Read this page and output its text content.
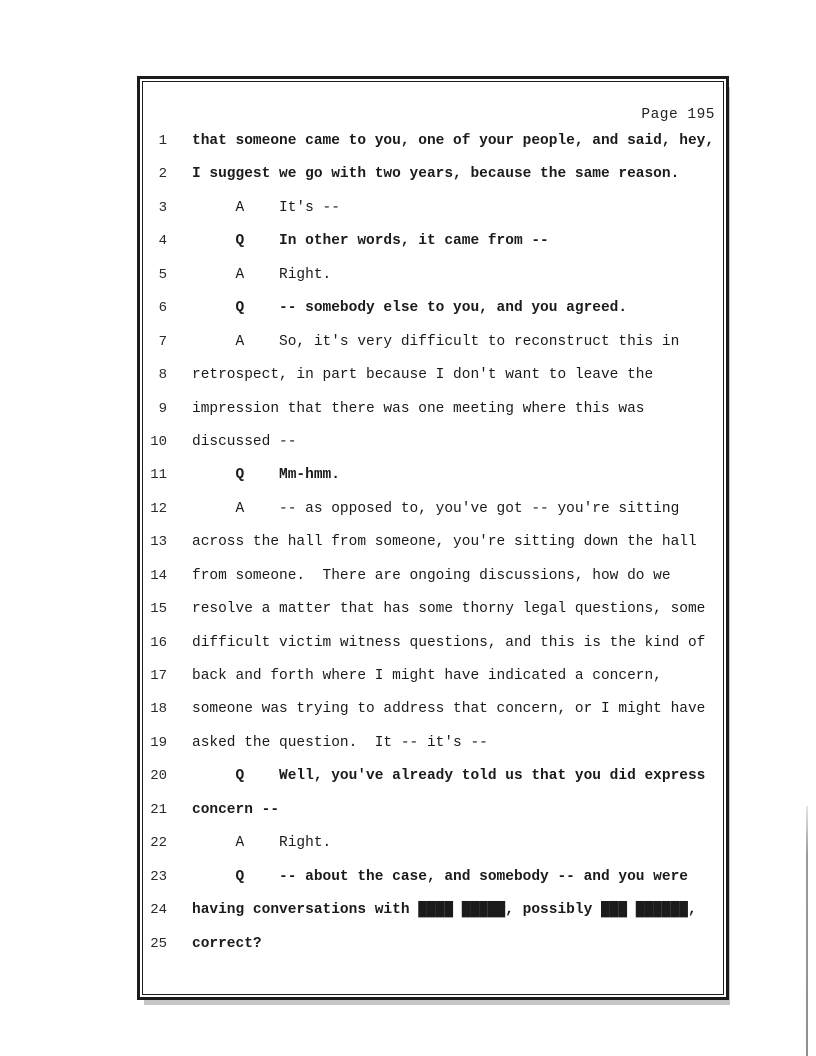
Page 195
1 that someone came to you, one of your people, and said, hey,
2 I suggest we go with two years, because the same reason.
3 A    It's --
4 Q    In other words, it came from --
5 A    Right.
6 Q    -- somebody else to you, and you agreed.
7 A    So, it's very difficult to reconstruct this in
8 retrospect, in part because I don't want to leave the
9 impression that there was one meeting where this was
10 discussed --
11 Q    Mm-hmm.
12 A    -- as opposed to, you've got -- you're sitting
13 across the hall from someone, you're sitting down the hall
14 from someone.  There are ongoing discussions, how do we
15 resolve a matter that has some thorny legal questions, some
16 difficult victim witness questions, and this is the kind of
17 back and forth where I might have indicated a concern,
18 someone was trying to address that concern, or I might have
19 asked the question.  It -- it's --
20 Q    Well, you've already told us that you did express
21 concern --
22 A    Right.
23 Q    -- about the case, and somebody -- and you were
24 having conversations with ████ █████, possibly ███ ██████,
25 correct?
